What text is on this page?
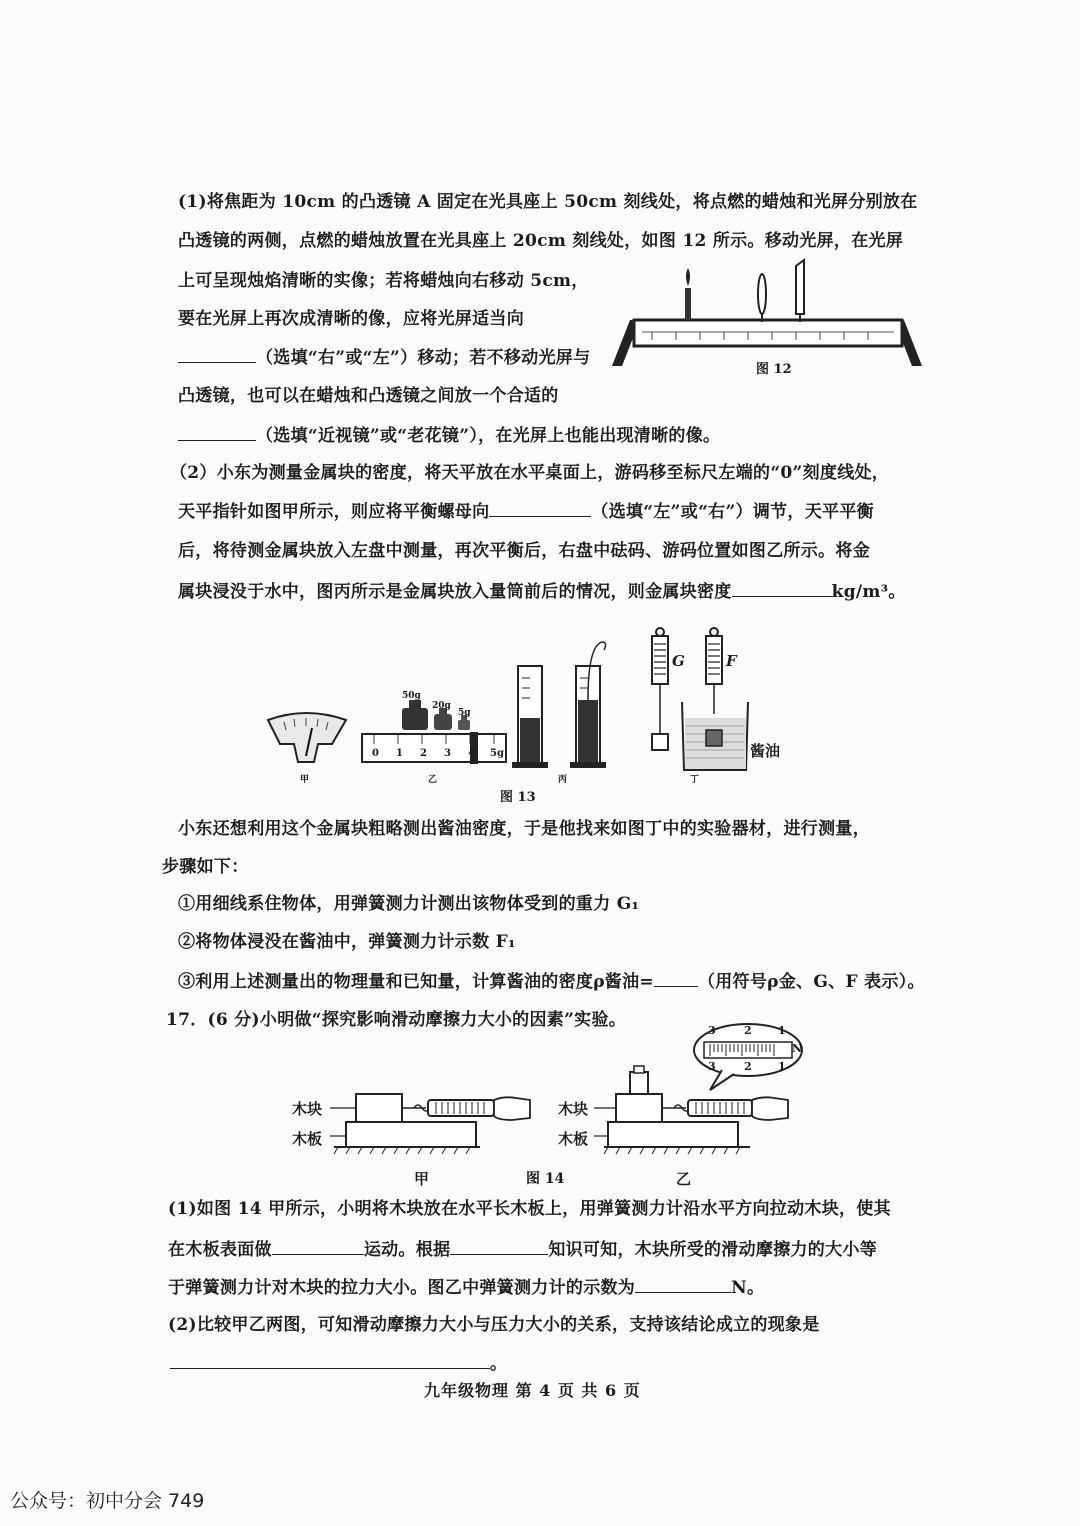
(1)将焦距为 10cm 的凸透镜 A 固定在光具座上 50cm 刻线处，将点燃的蜡烛和光屏分别放在
凸透镜的两侧，点燃的蜡烛放置在光具座上 20cm 刻线处，如图 12 所示。移动光屏，在光屏
上可呈现烛焰清晰的实像；若将蜡烛向右移动 5cm，
要在光屏上再次成清晰的像，应将光屏适当向
（选填“右”或“左”）移动；若不移动光屏与
凸透镜，也可以在蜡烛和凸透镜之间放一个合适的
（选填“近视镜”或“老花镜”），在光屏上也能出现清晰的像。
图 12
（2）小东为测量金属块的密度，将天平放在水平桌面上，游码移至标尺左端的“0”刻度线处，
天平指针如图甲所示，则应将平衡螺母向	（选填“左”或“右”）调节，天平平衡
后，将待测金属块放入左盘中测量，再次平衡后，右盘中砝码、游码位置如图乙所示。将金
属块浸没于水中，图丙所示是金属块放入量筒前后的情况，则金属块密度	kg/m³。
50g
20g
5g
0 1 2 3 4 5g
G	F
酱油
甲	乙	丙	丁
图 13
小东还想利用这个金属块粗略测出酱油密度，于是他找来如图丁中的实验器材，进行测量，
步骤如下：
①用细线系住物体，用弹簧测力计测出该物体受到的重力 G₁
②将物体浸没在酱油中，弹簧测力计示数 F₁
③利用上述测量出的物理量和已知量，计算酱油的密度ρ酱油=	（用符号ρ金、G、F 表示）。
17．(6 分)小明做“探究影响滑动摩擦力大小的因素”实验。
木块
木板
木块
木板
3	2 1
N
3	2 1
甲	图 14	乙
(1)如图 14 甲所示，小明将木块放在水平长木板上，用弹簧测力计沿水平方向拉动木块，使其
在木板表面做	运动。根据	知识可知，木块所受的滑动摩擦力的大小等
于弹簧测力计对木块的拉力大小。图乙中弹簧测力计的示数为	N。
(2)比较甲乙两图，可知滑动摩擦力大小与压力大小的关系，支持该结论成立的现象是
。
九年级物理 第 4 页 共 6 页
公众号：初中分会 749
